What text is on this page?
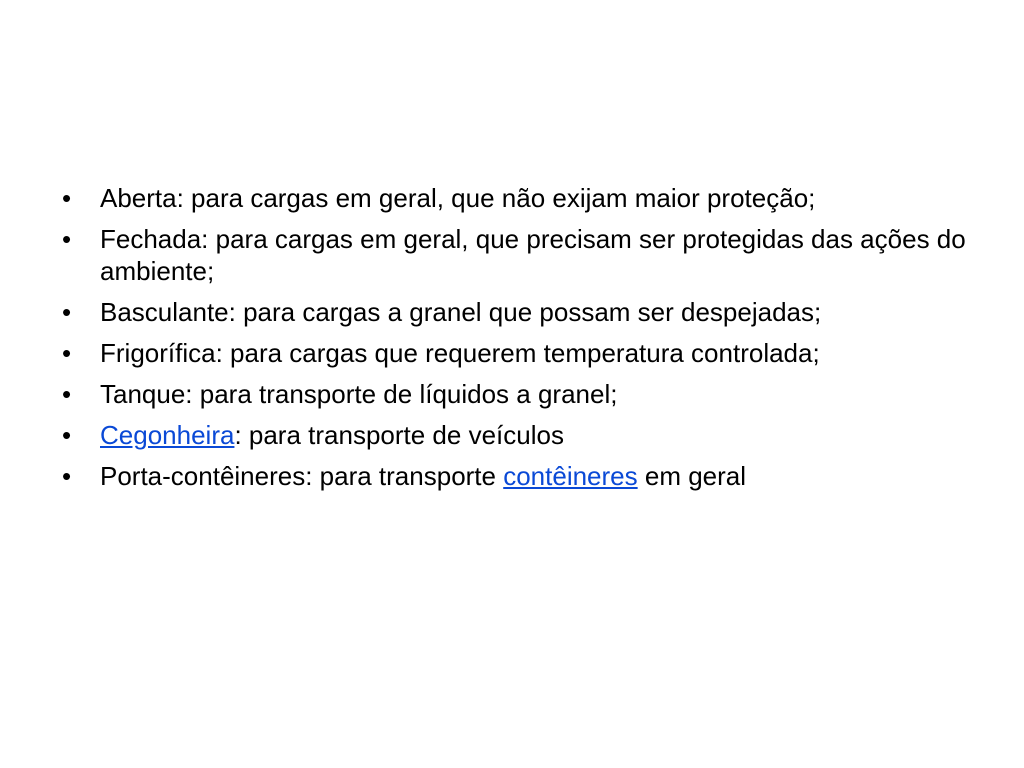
•	Aberta: para cargas em geral, que não exijam maior proteção;
•	Fechada: para cargas em geral, que precisam ser protegidas das ações do ambiente;
•	Basculante: para cargas a granel que possam ser despejadas;
•	Frigorífica: para cargas que requerem temperatura controlada;
•	Tanque: para transporte de líquidos a granel;
•	Cegonheira: para transporte de veículos
•	Porta-contêineres: para transporte contêineres em geral
